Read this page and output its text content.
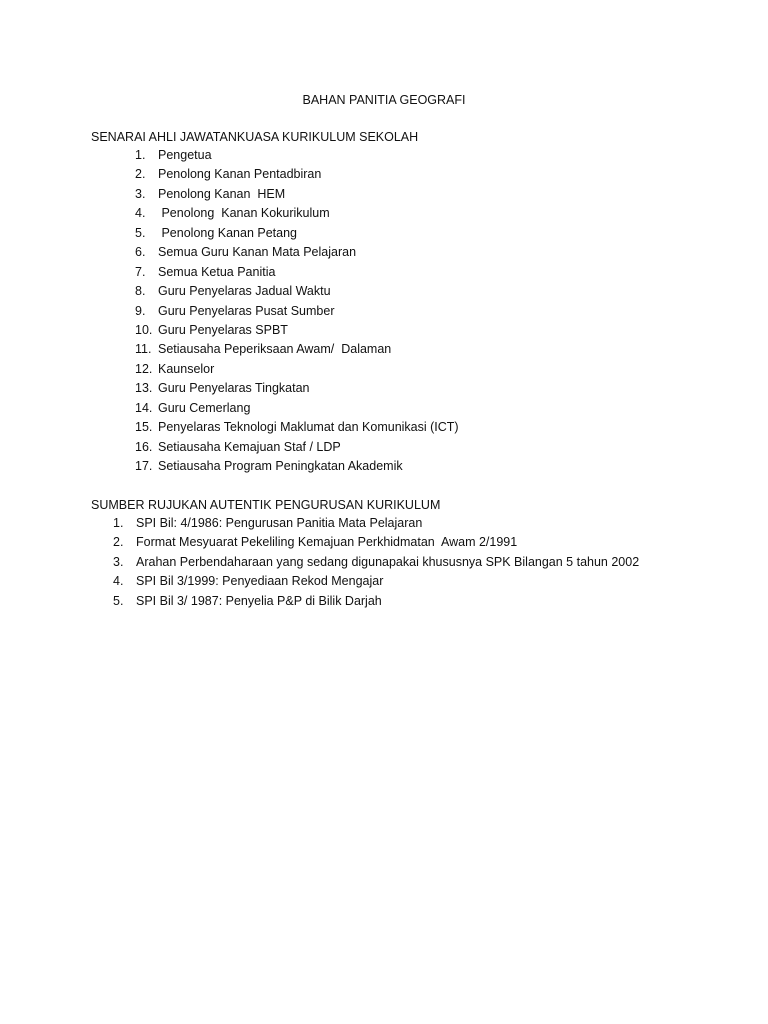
BAHAN PANITIA GEOGRAFI
SENARAI AHLI JAWATANKUASA KURIKULUM SEKOLAH
1. Pengetua
2. Penolong Kanan Pentadbiran
3. Penolong Kanan  HEM
4. Penolong  Kanan Kokurikulum
5. Penolong Kanan Petang
6. Semua Guru Kanan Mata Pelajaran
7. Semua Ketua Panitia
8. Guru Penyelaras Jadual Waktu
9. Guru Penyelaras Pusat Sumber
10. Guru Penyelaras SPBT
11. Setiausaha Peperiksaan Awam/  Dalaman
12. Kaunselor
13. Guru Penyelaras Tingkatan
14. Guru Cemerlang
15. Penyelaras Teknologi Maklumat dan Komunikasi (ICT)
16. Setiausaha Kemajuan Staf / LDP
17. Setiausaha Program Peningkatan Akademik
SUMBER RUJUKAN AUTENTIK PENGURUSAN KURIKULUM
1. SPI Bil: 4/1986: Pengurusan Panitia Mata Pelajaran
2. Format Mesyuarat Pekeliling Kemajuan Perkhidmatan  Awam 2/1991
3. Arahan Perbendaharaan yang sedang digunapakai khususnya SPK Bilangan 5 tahun 2002
4. SPI Bil 3/1999: Penyediaan Rekod Mengajar
5. SPI Bil 3/ 1987: Penyelia P&P di Bilik Darjah
